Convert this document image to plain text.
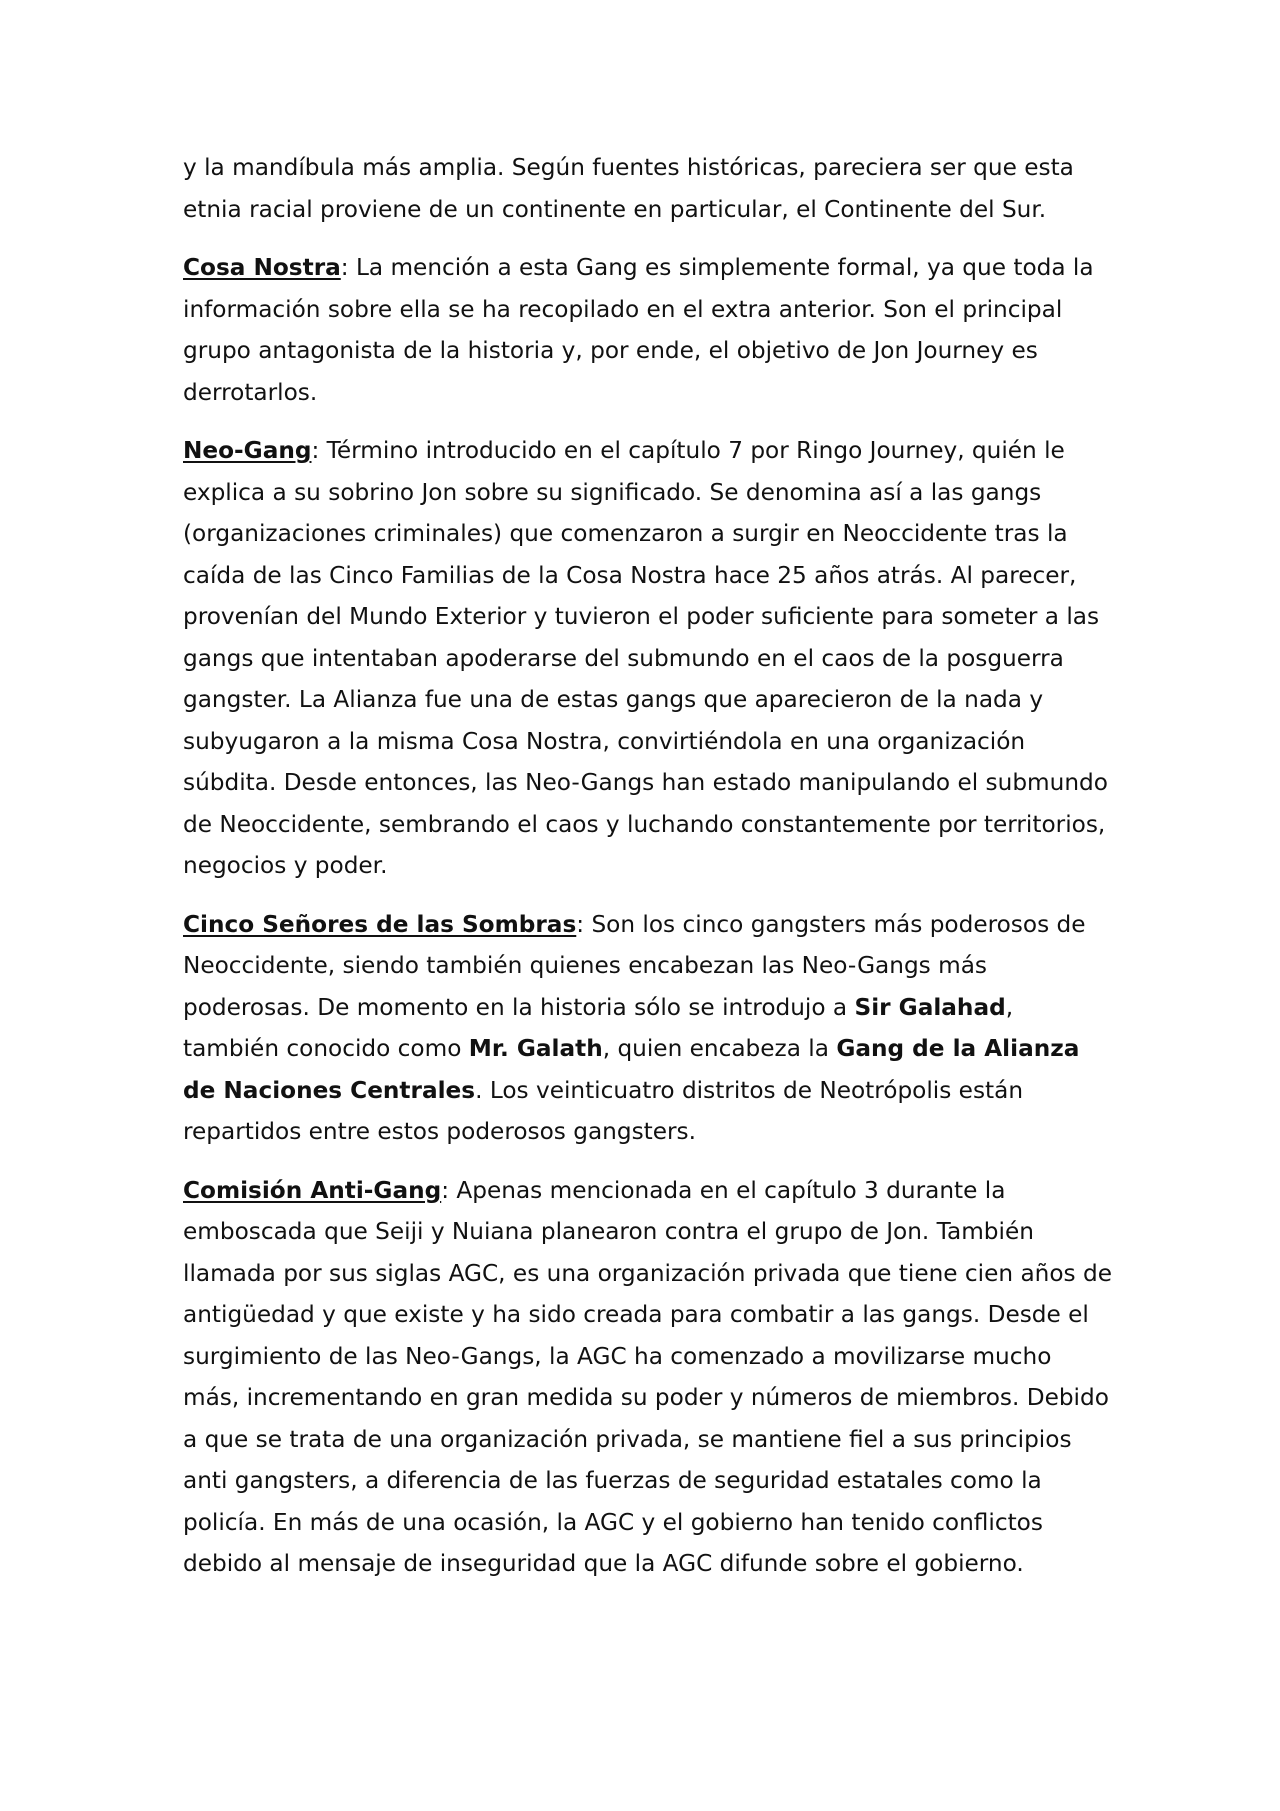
y la mandíbula más amplia. Según fuentes históricas, pareciera ser que esta etnia racial proviene de un continente en particular, el Continente del Sur.

Cosa Nostra: La mención a esta Gang es simplemente formal, ya que toda la información sobre ella se ha recopilado en el extra anterior. Son el principal grupo antagonista de la historia y, por ende, el objetivo de Jon Journey es derrotarlos.

Neo-Gang: Término introducido en el capítulo 7 por Ringo Journey, quién le explica a su sobrino Jon sobre su significado. Se denomina así a las gangs (organizaciones criminales) que comenzaron a surgir en Neoccidente tras la caída de las Cinco Familias de la Cosa Nostra hace 25 años atrás. Al parecer, provenían del Mundo Exterior y tuvieron el poder suficiente para someter a las gangs que intentaban apoderarse del submundo en el caos de la posguerra gangster. La Alianza fue una de estas gangs que aparecieron de la nada y subyugaron a la misma Cosa Nostra, convirtiéndola en una organización súbdita. Desde entonces, las Neo-Gangs han estado manipulando el submundo de Neoccidente, sembrando el caos y luchando constantemente por territorios, negocios y poder.

Cinco Señores de las Sombras: Son los cinco gangsters más poderosos de Neoccidente, siendo también quienes encabezan las Neo-Gangs más poderosas. De momento en la historia sólo se introdujo a Sir Galahad, también conocido como Mr. Galath, quien encabeza la Gang de la Alianza de Naciones Centrales. Los veinticuatro distritos de Neotrópolis están repartidos entre estos poderosos gangsters.

Comisión Anti-Gang: Apenas mencionada en el capítulo 3 durante la emboscada que Seiji y Nuiana planearon contra el grupo de Jon. También llamada por sus siglas AGC, es una organización privada que tiene cien años de antigüedad y que existe y ha sido creada para combatir a las gangs. Desde el surgimiento de las Neo-Gangs, la AGC ha comenzado a movilizarse mucho más, incrementando en gran medida su poder y números de miembros. Debido a que se trata de una organización privada, se mantiene fiel a sus principios anti gangsters, a diferencia de las fuerzas de seguridad estatales como la policía. En más de una ocasión, la AGC y el gobierno han tenido conflictos debido al mensaje de inseguridad que la AGC difunde sobre el gobierno.
